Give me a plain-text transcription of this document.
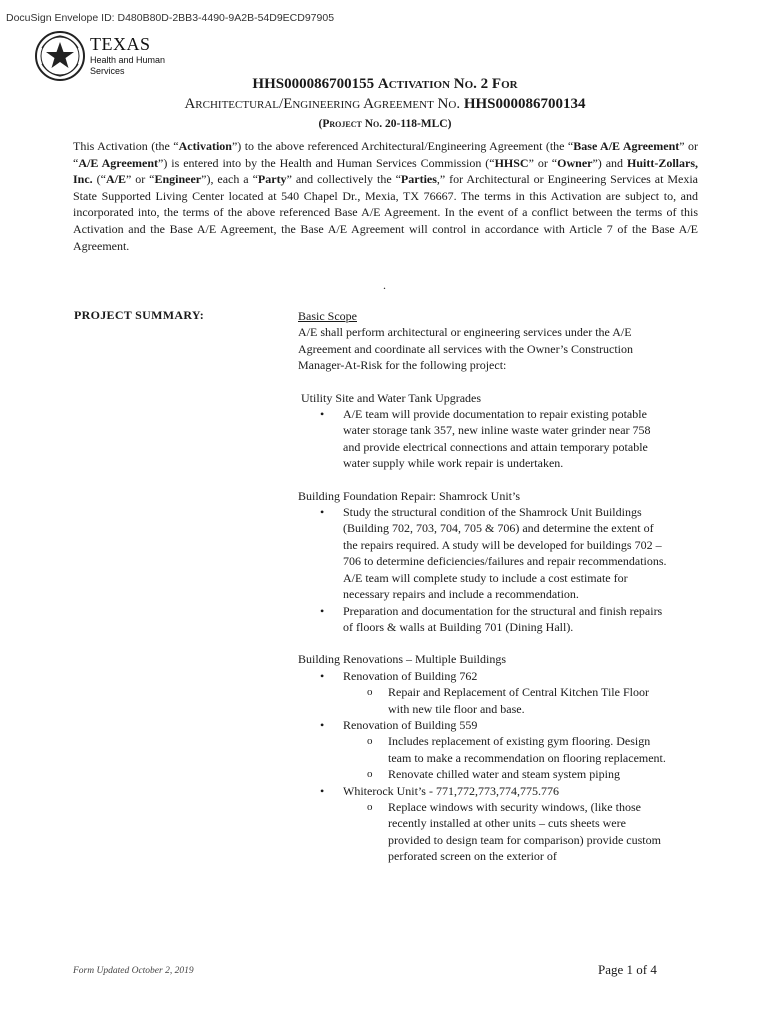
DocuSign Envelope ID: D480B80D-2BB3-4490-9A2B-54D9ECD97905
TEXAS
Health and Human
Services
HHS000086700155 Activation No. 2 For
Architectural/Engineering Agreement No. HHS000086700134
(Project No. 20-118-MLC)
This Activation (the “Activation”) to the above referenced Architectural/Engineering Agreement (the “Base A/E Agreement” or “A/E Agreement”) is entered into by the Health and Human Services Commission (“HHSC” or “Owner”) and Huitt-Zollars, Inc. (“A/E” or “Engineer”), each a “Party” and collectively the “Parties,” for Architectural or Engineering Services at Mexia State Supported Living Center located at 540 Chapel Dr., Mexia, TX 76667. The terms in this Activation are subject to, and incorporated into, the terms of the above referenced Base A/E Agreement. In the event of a conflict between the terms of this Activation and the Base A/E Agreement, the Base A/E Agreement will control in accordance with Article 7 of the Base A/E Agreement.
.
PROJECT SUMMARY:	Basic Scope
A/E shall perform architectural or engineering services under the A/E Agreement and coordinate all services with the Owner’s Construction Manager-At-Risk for the following project:
Utility Site and Water Tank Upgrades
• A/E team will provide documentation to repair existing potable water storage tank 357, new inline waste water grinder near 758 and provide electrical connections and attain temporary potable water supply while work repair is undertaken.
Building Foundation Repair: Shamrock Unit’s
• Study the structural condition of the Shamrock Unit Buildings (Building 702, 703, 704, 705 & 706) and determine the extent of the repairs required. A study will be developed for buildings 702 – 706 to determine deficiencies/failures and repair recommendations. A/E team will complete study to include a cost estimate for necessary repairs and include a recommendation.
• Preparation and documentation for the structural and finish repairs of floors & walls at Building 701 (Dining Hall).
Building Renovations – Multiple Buildings
• Renovation of Building 762
o Repair and Replacement of Central Kitchen Tile Floor with new tile floor and base.
• Renovation of Building 559
o Includes replacement of existing gym flooring. Design team to make a recommendation on flooring replacement.
o Renovate chilled water and steam system piping
• Whiterock Unit’s - 771,772,773,774,775.776
o Replace windows with security windows, (like those recently installed at other units – cuts sheets were provided to design team for comparison) provide custom perforated screen on the exterior of
Form Updated October 2, 2019	Page 1 of 4
